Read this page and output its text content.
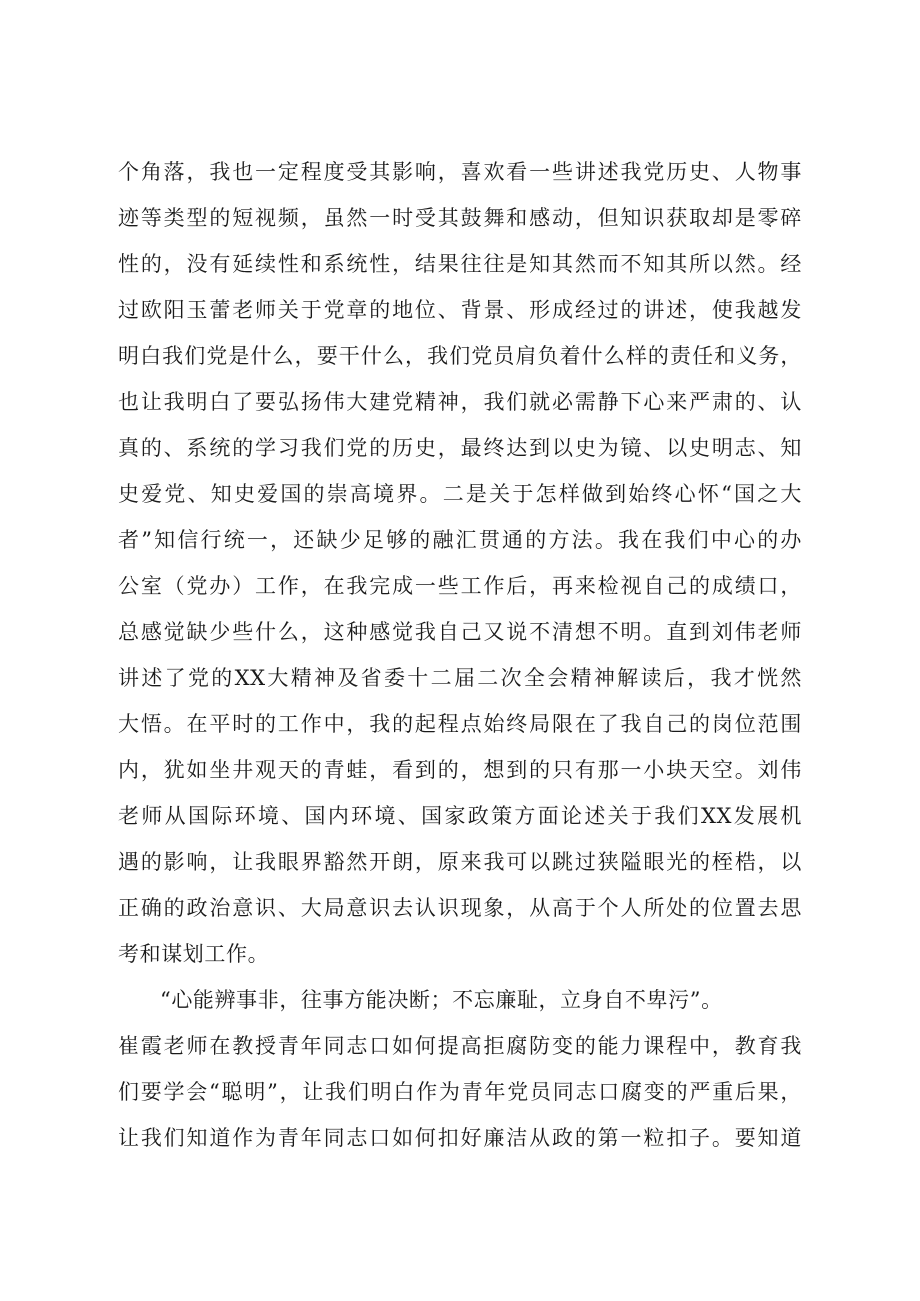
个角落，我也一定程度受其影响，喜欢看一些讲述我党历史、人物事
迹等类型的短视频，虽然一时受其鼓舞和感动，但知识获取却是零碎
性的，没有延续性和系统性，结果往往是知其然而不知其所以然。经
过欧阳玉蕾老师关于党章的地位、背景、形成经过的讲述，使我越发
明白我们党是什么，要干什么，我们党员肩负着什么样的责任和义务，
也让我明白了要弘扬伟大建党精神，我们就必需静下心来严肃的、认
真的、系统的学习我们党的历史，最终达到以史为镜、以史明志、知
史爱党、知史爱国的崇高境界。二是关于怎样做到始终心怀“国之大
者”知信行统一，还缺少足够的融汇贯通的方法。我在我们中心的办
公室（党办）工作，在我完成一些工作后，再来检视自己的成绩口，
总感觉缺少些什么，这种感觉我自己又说不清想不明。直到刘伟老师
讲述了党的XX大精神及省委十二届二次全会精神解读后，我才恍然
大悟。在平时的工作中，我的起程点始终局限在了我自己的岗位范围
内，犹如坐井观天的青蛙，看到的，想到的只有那一小块天空。刘伟
老师从国际环境、国内环境、国家政策方面论述关于我们XX发展机
遇的影响，让我眼界豁然开朗，原来我可以跳过狭隘眼光的桎梏，以
正确的政治意识、大局意识去认识现象，从高于个人所处的位置去思
考和谋划工作。
“心能辨事非，往事方能决断；不忘廉耻，立身自不卑污”。
崔霞老师在教授青年同志口如何提高拒腐防变的能力课程中，教育我
们要学会“聪明”，让我们明白作为青年党员同志口腐变的严重后果，
让我们知道作为青年同志口如何扣好廉洁从政的第一粒扣子。要知道
